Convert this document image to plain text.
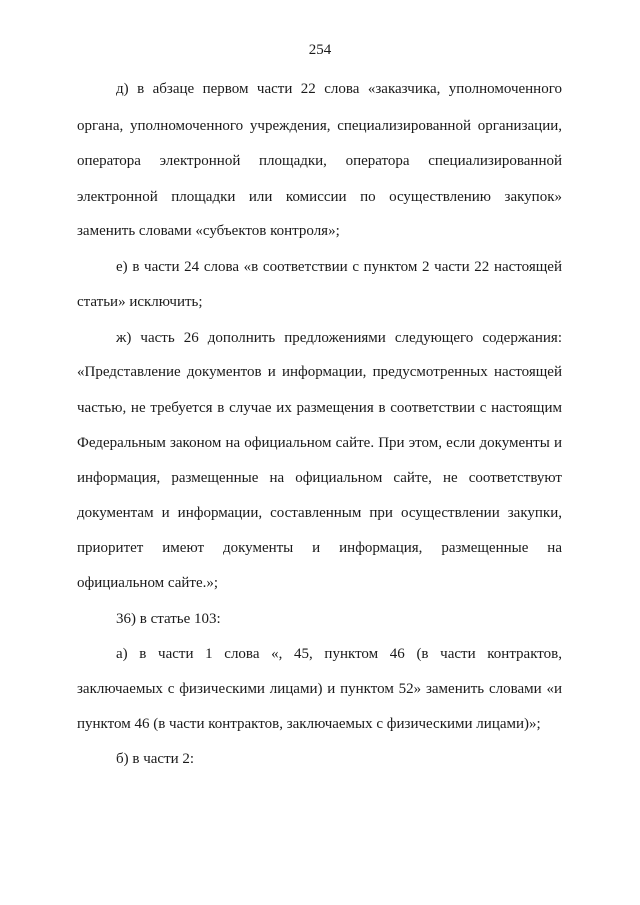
254
д) в абзаце первом части 22 слова «заказчика, уполномоченного
органа, уполномоченного учреждения, специализированной организации,
оператора электронной площадки, оператора специализированной
электронной площадки или комиссии по осуществлению закупок»
заменить словами «субъектов контроля»;
е) в части 24 слова «в соответствии с пунктом 2 части 22 настоящей
статьи» исключить;
ж) часть 26 дополнить предложениями следующего содержания:
«Представление документов и информации, предусмотренных настоящей
частью, не требуется в случае их размещения в соответствии с настоящим
Федеральным законом на официальном сайте. При этом, если документы и
информация, размещенные на официальном сайте, не соответствуют
документам и информации, составленным при осуществлении закупки,
приоритет имеют документы и информация, размещенные на
официальном сайте.»;
36) в статье 103:
а) в части 1 слова «, 45, пунктом 46 (в части контрактов,
заключаемых с физическими лицами) и пунктом 52» заменить словами «и
пунктом 46 (в части контрактов, заключаемых с физическими лицами)»;
б) в части 2:
